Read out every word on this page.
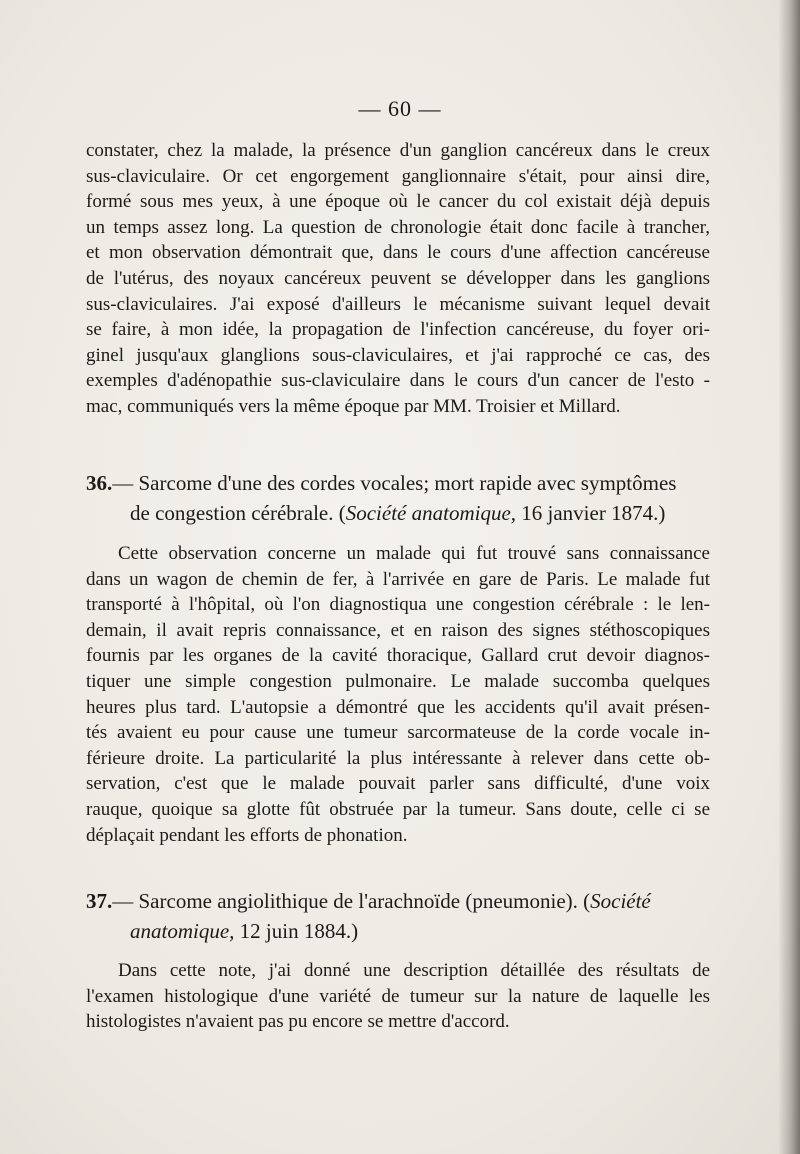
— 60 —
constater, chez la malade, la présence d'un ganglion cancéreux dans le creux
sus-claviculaire. Or cet engorgement ganglionnaire s'était, pour ainsi dire,
formé sous mes yeux, à une époque où le cancer du col existait déjà depuis
un temps assez long. La question de chronologie était donc facile à trancher,
et mon observation démontrait que, dans le cours d'une affection cancéreuse
de l'utérus, des noyaux cancéreux peuvent se développer dans les ganglions
sus-claviculaires. J'ai exposé d'ailleurs le mécanisme suivant lequel devait
se faire, à mon idée, la propagation de l'infection cancéreuse, du foyer ori-
ginel jusqu'aux glanglions sous-claviculaires, et j'ai rapproché ce cas, des
exemples d'adénopathie sus-claviculaire dans le cours d'un cancer de l'esto -
mac, communiqués vers la même époque par MM. Troisier et Millard.
36.— Sarcome d'une des cordes vocales; mort rapide avec symptômes
de congestion cérébrale. (Société anatomique, 16 janvier 1874.)
Cette observation concerne un malade qui fut trouvé sans connaissance
dans un wagon de chemin de fer, à l'arrivée en gare de Paris. Le malade fut
transporté à l'hôpital, où l'on diagnostiqua une congestion cérébrale : le len-
demain, il avait repris connaissance, et en raison des signes stéthoscopiques
fournis par les organes de la cavité thoracique, Gallard crut devoir diagnos-
tiquer une simple congestion pulmonaire. Le malade succomba quelques
heures plus tard. L'autopsie a démontré que les accidents qu'il avait présen-
tés avaient eu pour cause une tumeur sarcormateuse de la corde vocale in-
férieure droite. La particularité la plus intéressante à relever dans cette ob-
servation, c'est que le malade pouvait parler sans difficulté, d'une voix
rauque, quoique sa glotte fût obstruée par la tumeur. Sans doute, celle ci se
déplaçait pendant les efforts de phonation.
37.— Sarcome angiolithique de l'arachnoïde (pneumonie). (Société
anatomique, 12 juin 1884.)
Dans cette note, j'ai donné une description détaillée des résultats de
l'examen histologique d'une variété de tumeur sur la nature de laquelle les
histologistes n'avaient pas pu encore se mettre d'accord.
